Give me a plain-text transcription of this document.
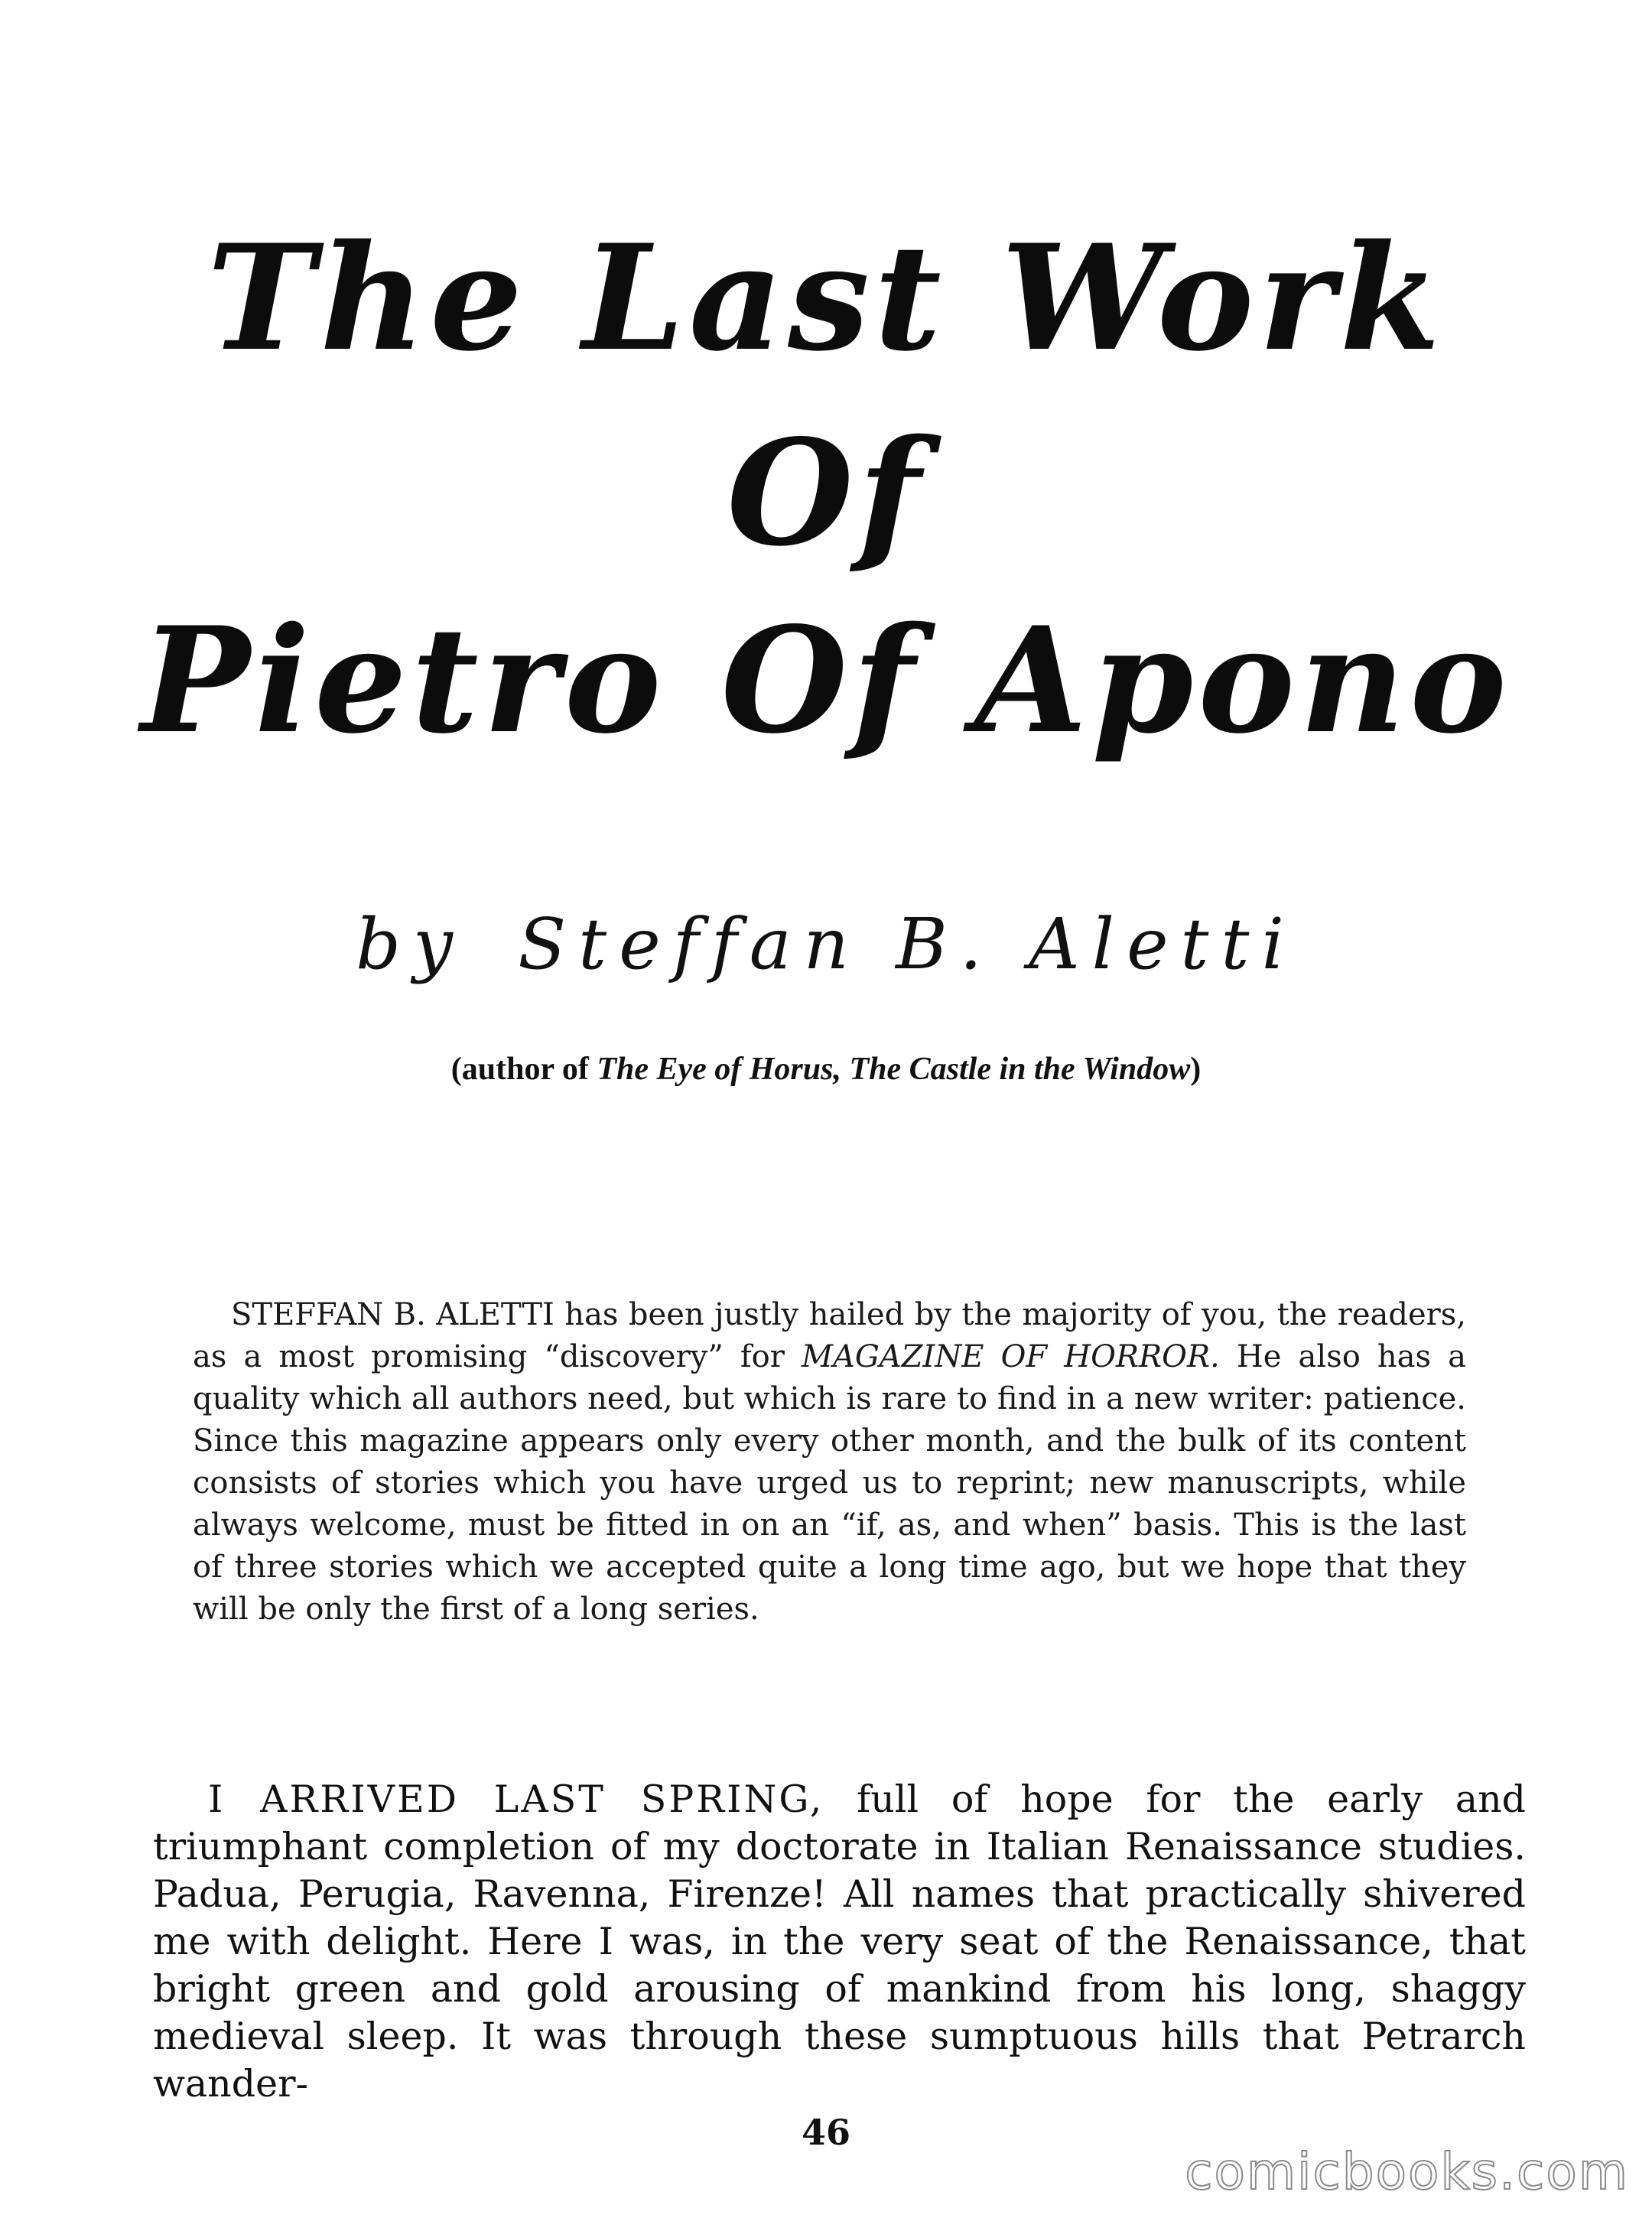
The Last Work
Of
Pietro Of Apono
by Steffan B. Aletti
(author of The Eye of Horus, The Castle in the Window)

STEFFAN B. ALETTI has been justly hailed by the majority of you, the readers, as a most promising “discovery” for MAGAZINE OF HORROR. He also has a quality which all authors need, but which is rare to find in a new writer: patience. Since this magazine appears only every other month, and the bulk of its content consists of stories which you have urged us to reprint; new manuscripts, while always welcome, must be fitted in on an “if, as, and when” basis. This is the last of three stories which we accepted quite a long time ago, but we hope that they will be only the first of a long series.

I ARRIVED LAST SPRING, full of hope for the early and triumphant completion of my doctorate in Italian Renaissance studies. Padua, Perugia, Ravenna, Firenze! All names that practically shivered me with delight. Here I was, in the very seat of the Renaissance, that bright green and gold arousing of mankind from his long, shaggy medieval sleep. It was through these sumptuous hills that Petrarch wander-

46
comicbooks.com
